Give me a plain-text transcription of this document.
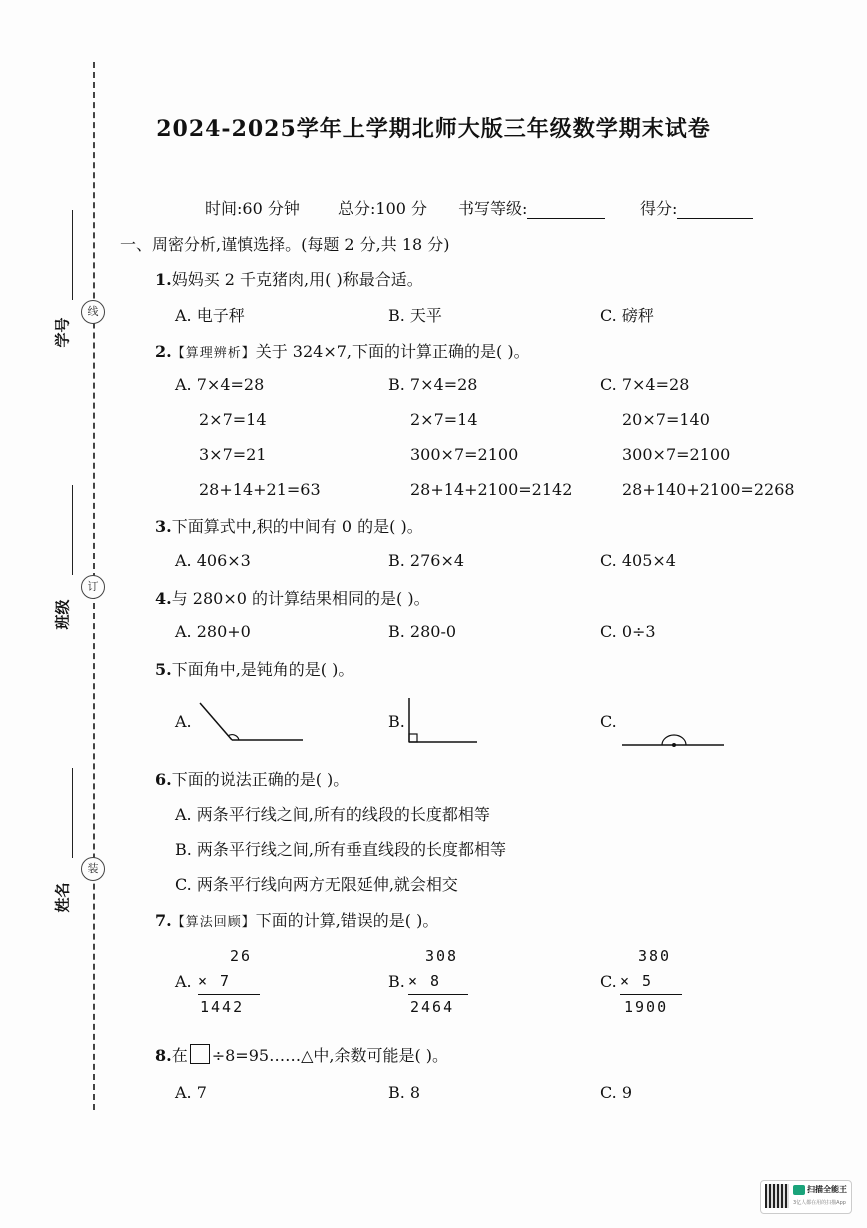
线
学号
订
班级
装
姓名
2024-2025学年上学期北师大版三年级数学期末试卷
时间:60 分钟 总分:100 分 书写等级:	得分:
一、周密分析,谨慎选择。(每题 2 分,共 18 分)
1.妈妈买 2 千克猪肉,用( )称最合适。
A. 电子秤	B. 天平	C. 磅秤
2.【算理辨析】关于 324×7,下面的计算正确的是( )。
A. 7×4=28
2×7=14
3×7=21
28+14+21=63
B. 7×4=28
2×7=14
300×7=2100
28+14+2100=2142
C. 7×4=28
20×7=140
300×7=2100
28+140+2100=2268
3.下面算式中,积的中间有 0 的是( )。
A. 406×3	B. 276×4	C. 405×4
4.与 280×0 的计算结果相同的是( )。
A. 280+0	B. 280-0	C. 0÷3
5.下面角中,是钝角的是( )。
A.	B.	C.
6.下面的说法正确的是( )。
A. 两条平行线之间,所有的线段的长度都相等
B. 两条平行线之间,所有垂直线段的长度都相等
C. 两条平行线向两方无限延伸,就会相交
7.【算法回顾】下面的计算,错误的是( )。
26
A. × 7
1442
308
B. × 8
2464
380
C. × 5
1900
8.在 ÷8=95……△中,余数可能是( )。
A. 7	B. 8	C. 9
扫描全能王
3亿人都在用的扫描App
